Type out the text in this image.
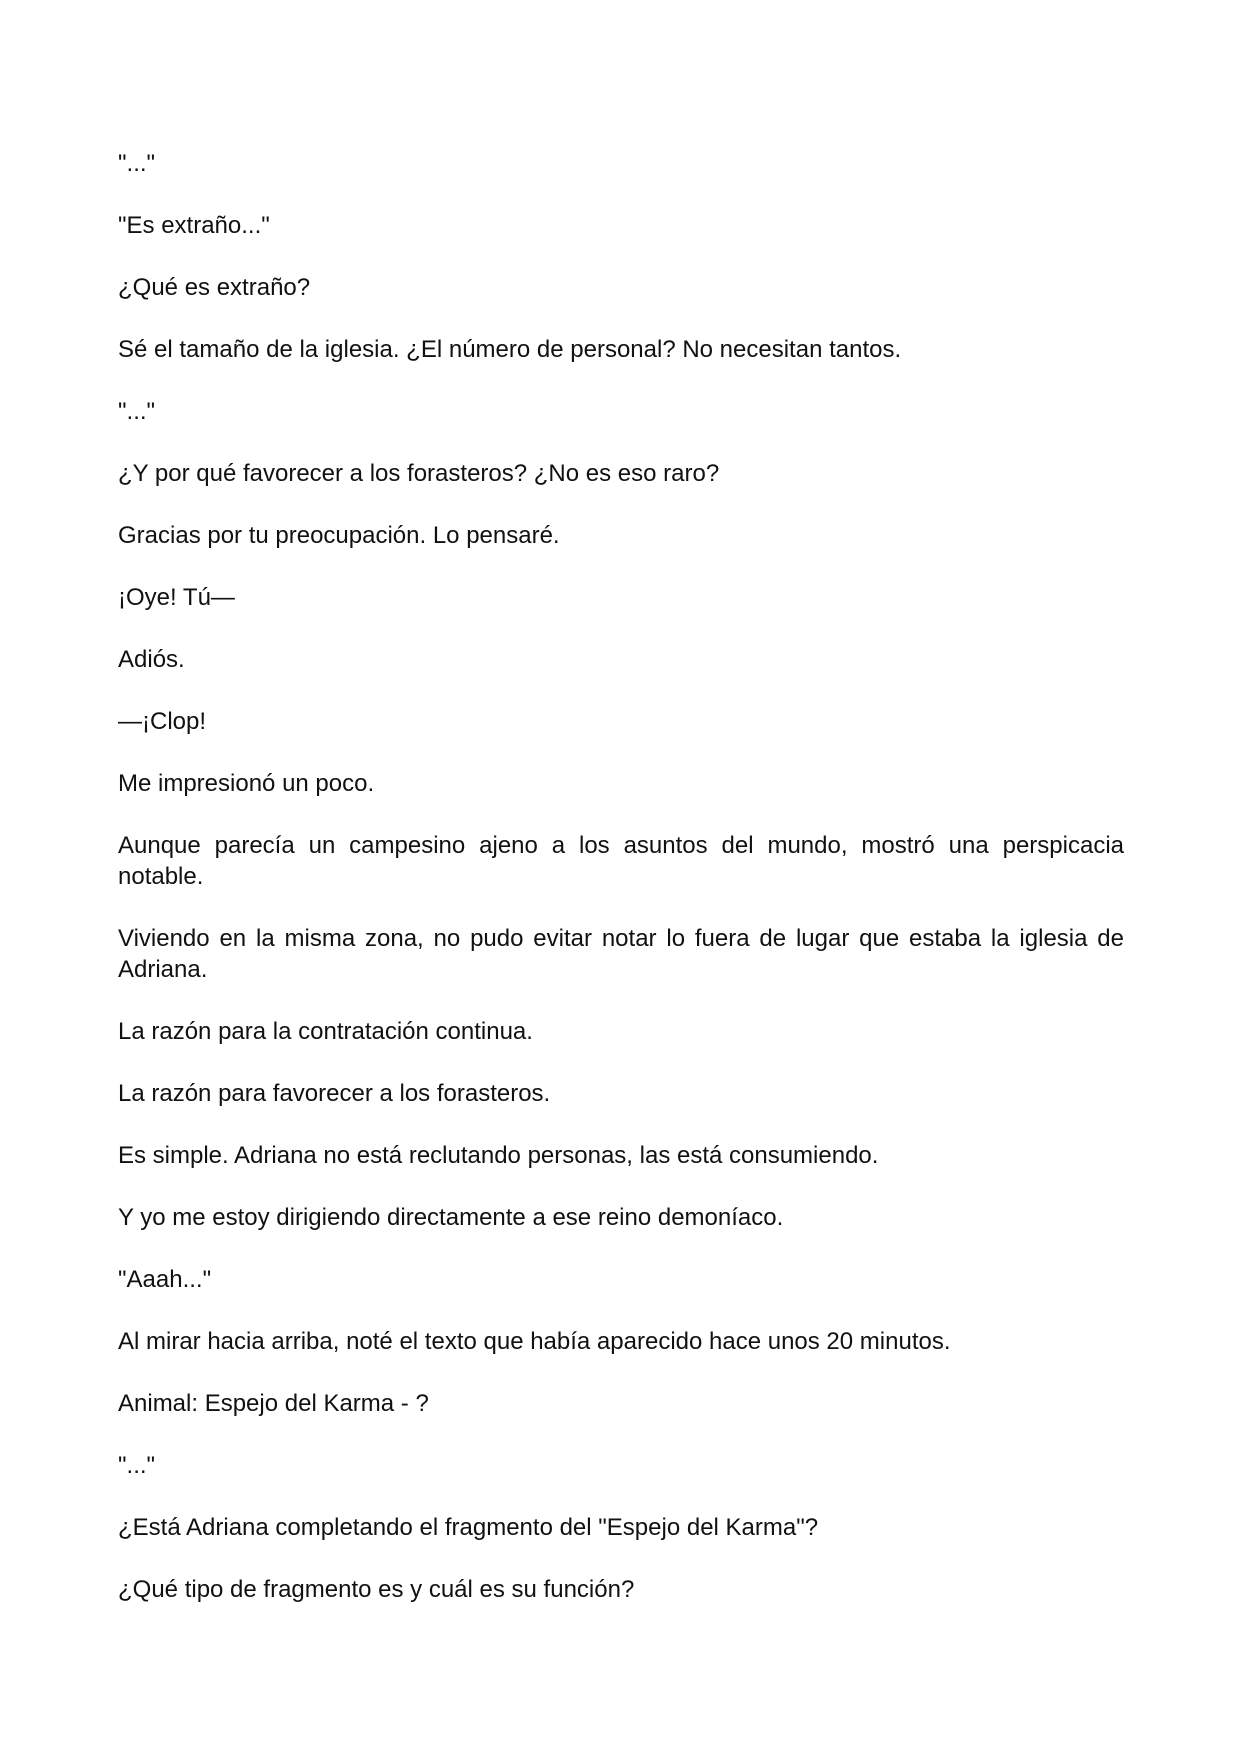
"..."

"Es extraño..."

¿Qué es extraño?

Sé el tamaño de la iglesia. ¿El número de personal? No necesitan tantos.

"..."

¿Y por qué favorecer a los forasteros? ¿No es eso raro?

Gracias por tu preocupación. Lo pensaré.

¡Oye! Tú—

Adiós.

—¡Clop!

Me impresionó un poco.

Aunque parecía un campesino ajeno a los asuntos del mundo, mostró una perspicacia notable.

Viviendo en la misma zona, no pudo evitar notar lo fuera de lugar que estaba la iglesia de Adriana.

La razón para la contratación continua.

La razón para favorecer a los forasteros.

Es simple. Adriana no está reclutando personas, las está consumiendo.

Y yo me estoy dirigiendo directamente a ese reino demoníaco.

"Aaah..."

Al mirar hacia arriba, noté el texto que había aparecido hace unos 20 minutos.

Animal: Espejo del Karma - ?

"..."

¿Está Adriana completando el fragmento del "Espejo del Karma"?

¿Qué tipo de fragmento es y cuál es su función?
